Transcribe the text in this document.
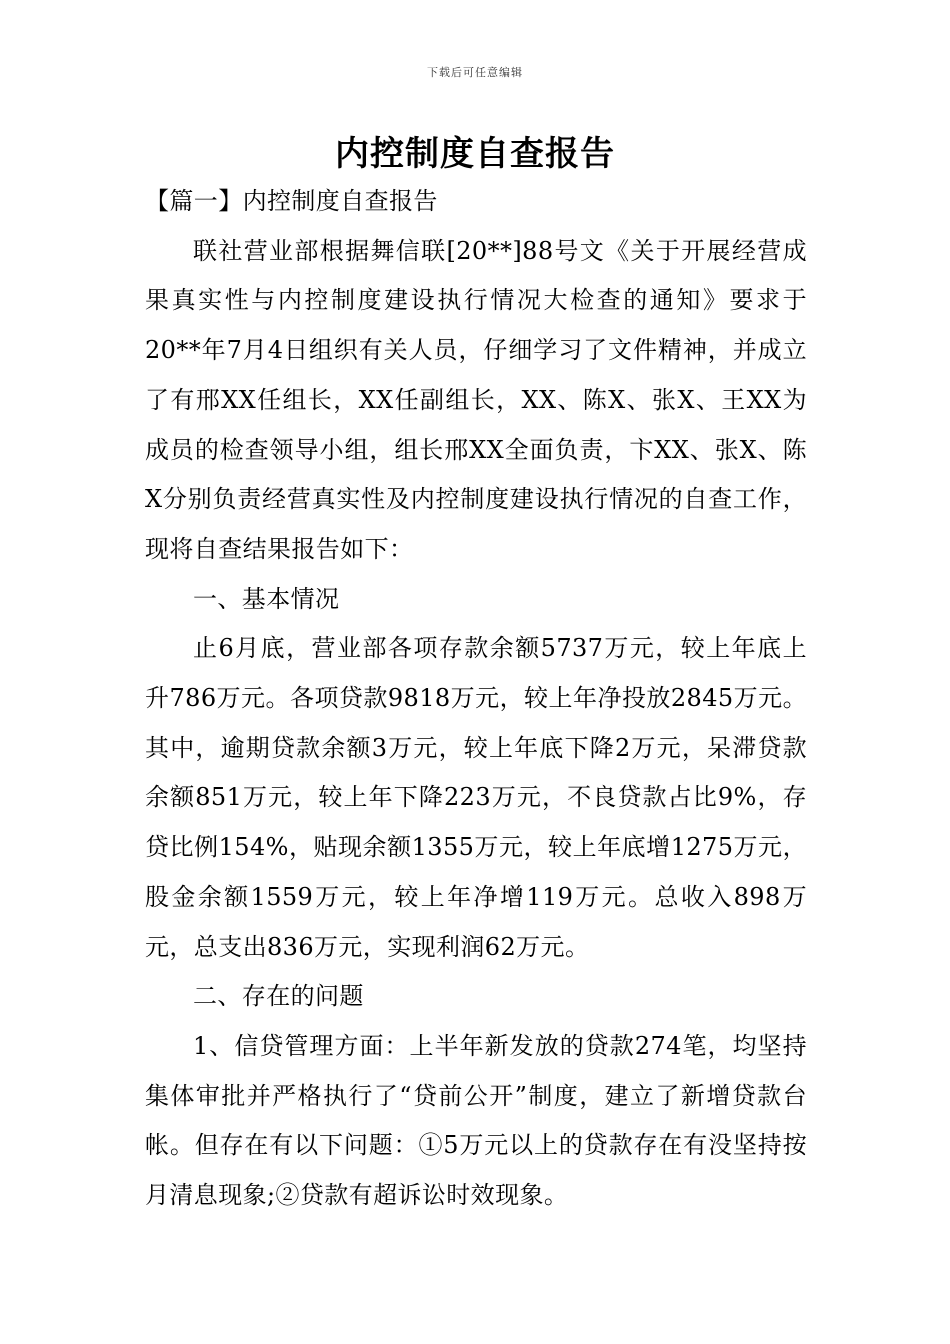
下载后可任意编辑
内控制度自查报告

【篇一】内控制度自查报告

联社营业部根据舞信联[20**]88号文《关于开展经营成果真实性与内控制度建设执行情况大检查的通知》要求于20**年7月4日组织有关人员，仔细学习了文件精神，并成立了有邢XX任组长，XX任副组长，XX、陈X、张X、王XX为成员的检查领导小组，组长邢XX全面负责，卞XX、张X、陈X分别负责经营真实性及内控制度建设执行情况的自查工作，现将自查结果报告如下：

一、基本情况

止6月底，营业部各项存款余额5737万元，较上年底上升786万元。各项贷款9818万元，较上年净投放2845万元。其中，逾期贷款余额3万元，较上年底下降2万元，呆滞贷款余额851万元，较上年下降223万元，不良贷款占比9%，存贷比例154%，贴现余额1355万元，较上年底增1275万元，股金余额1559万元，较上年净增119万元。总收入898万元，总支出836万元，实现利润62万元。

二、存在的问题

1、信贷管理方面：上半年新发放的贷款274笔，均坚持集体审批并严格执行了“贷前公开”制度，建立了新增贷款台帐。但存在有以下问题：①5万元以上的贷款存在有没坚持按月清息现象;②贷款有超诉讼时效现象。
